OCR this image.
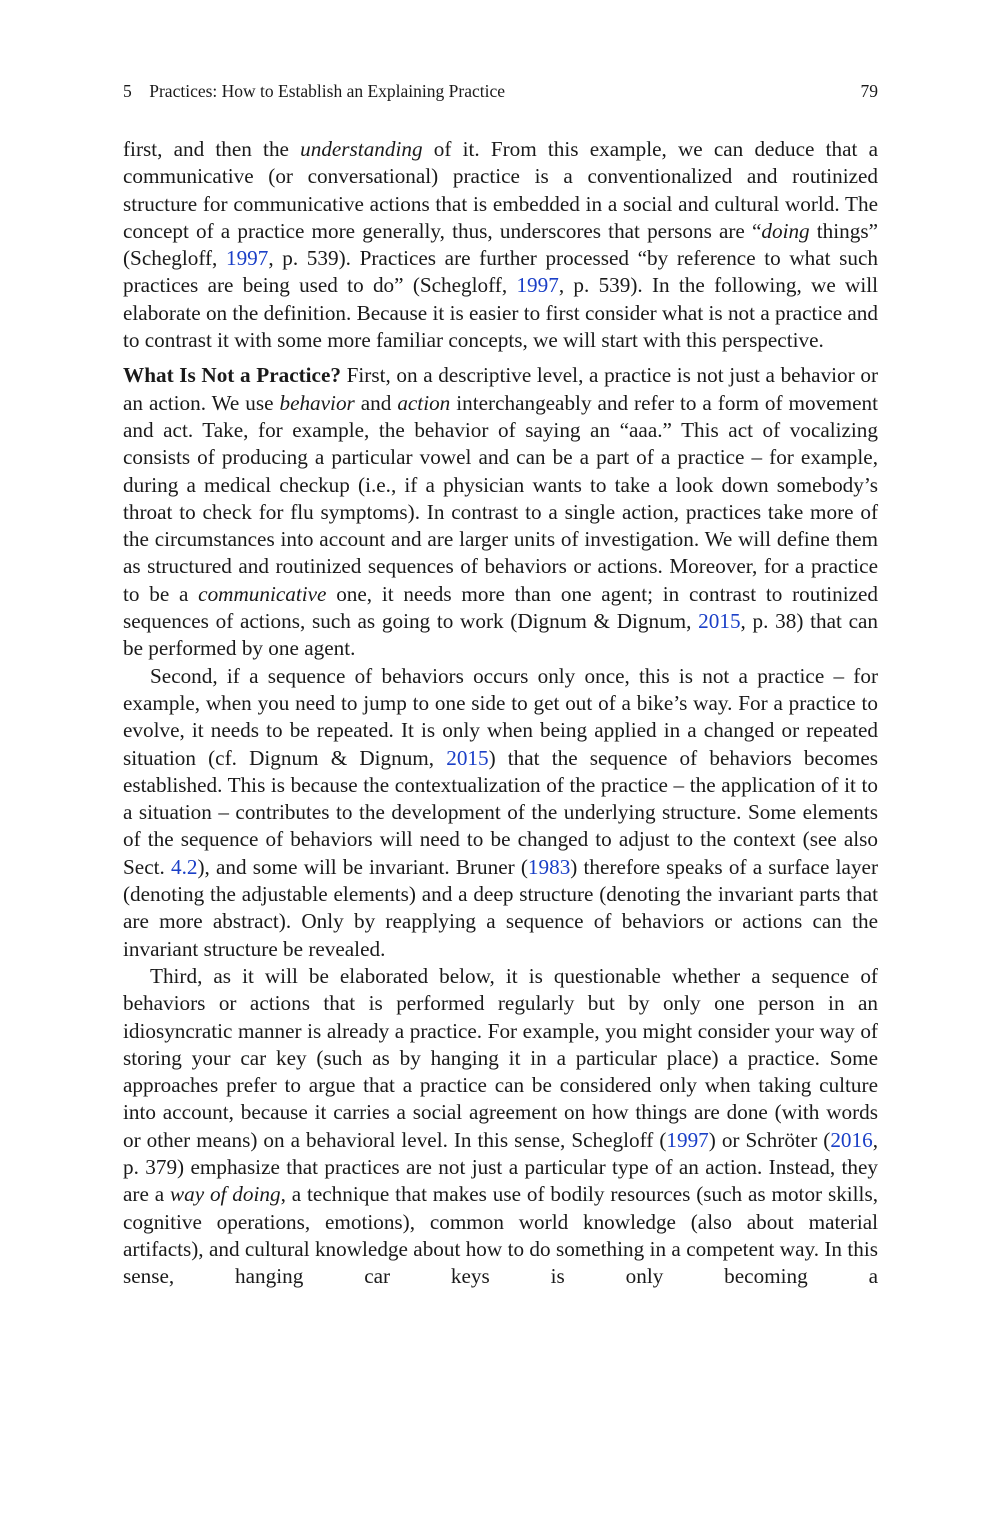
5 Practices: How to Establish an Explaining Practice	79

first, and then the understanding of it. From this example, we can deduce that a communicative (or conversational) practice is a conventionalized and routinized structure for communicative actions that is embedded in a social and cultural world. The concept of a practice more generally, thus, underscores that persons are “doing things” (Schegloff, 1997, p. 539). Practices are further processed “by reference to what such practices are being used to do” (Schegloff, 1997, p. 539). In the following, we will elaborate on the definition. Because it is easier to first consider what is not a practice and to contrast it with some more familiar concepts, we will start with this perspective.

What Is Not a Practice? First, on a descriptive level, a practice is not just a behavior or an action. We use behavior and action interchangeably and refer to a form of movement and act. Take, for example, the behavior of saying an “aaa.” This act of vocalizing consists of producing a particular vowel and can be a part of a practice – for example, during a medical checkup (i.e., if a physician wants to take a look down somebody’s throat to check for flu symptoms). In contrast to a single action, practices take more of the circumstances into account and are larger units of investigation. We will define them as structured and routinized sequences of behaviors or actions. Moreover, for a practice to be a communicative one, it needs more than one agent; in contrast to routinized sequences of actions, such as going to work (Dignum & Dignum, 2015, p. 38) that can be performed by one agent.

Second, if a sequence of behaviors occurs only once, this is not a practice – for example, when you need to jump to one side to get out of a bike’s way. For a practice to evolve, it needs to be repeated. It is only when being applied in a changed or repeated situation (cf. Dignum & Dignum, 2015) that the sequence of behaviors becomes established. This is because the contextualization of the practice – the application of it to a situation – contributes to the development of the underlying structure. Some elements of the sequence of behaviors will need to be changed to adjust to the context (see also Sect. 4.2), and some will be invariant. Bruner (1983) therefore speaks of a surface layer (denoting the adjustable elements) and a deep structure (denoting the invariant parts that are more abstract). Only by reapplying a sequence of behaviors or actions can the invariant structure be revealed.

Third, as it will be elaborated below, it is questionable whether a sequence of behaviors or actions that is performed regularly but by only one person in an idiosyncratic manner is already a practice. For example, you might consider your way of storing your car key (such as by hanging it in a particular place) a practice. Some approaches prefer to argue that a practice can be considered only when taking culture into account, because it carries a social agreement on how things are done (with words or other means) on a behavioral level. In this sense, Schegloff (1997) or Schröter (2016, p. 379) emphasize that practices are not just a particular type of an action. Instead, they are a way of doing, a technique that makes use of bodily resources (such as motor skills, cognitive operations, emotions), common world knowledge (also about material artifacts), and cultural knowledge about how to do something in a competent way. In this sense, hanging car keys is only becoming a
